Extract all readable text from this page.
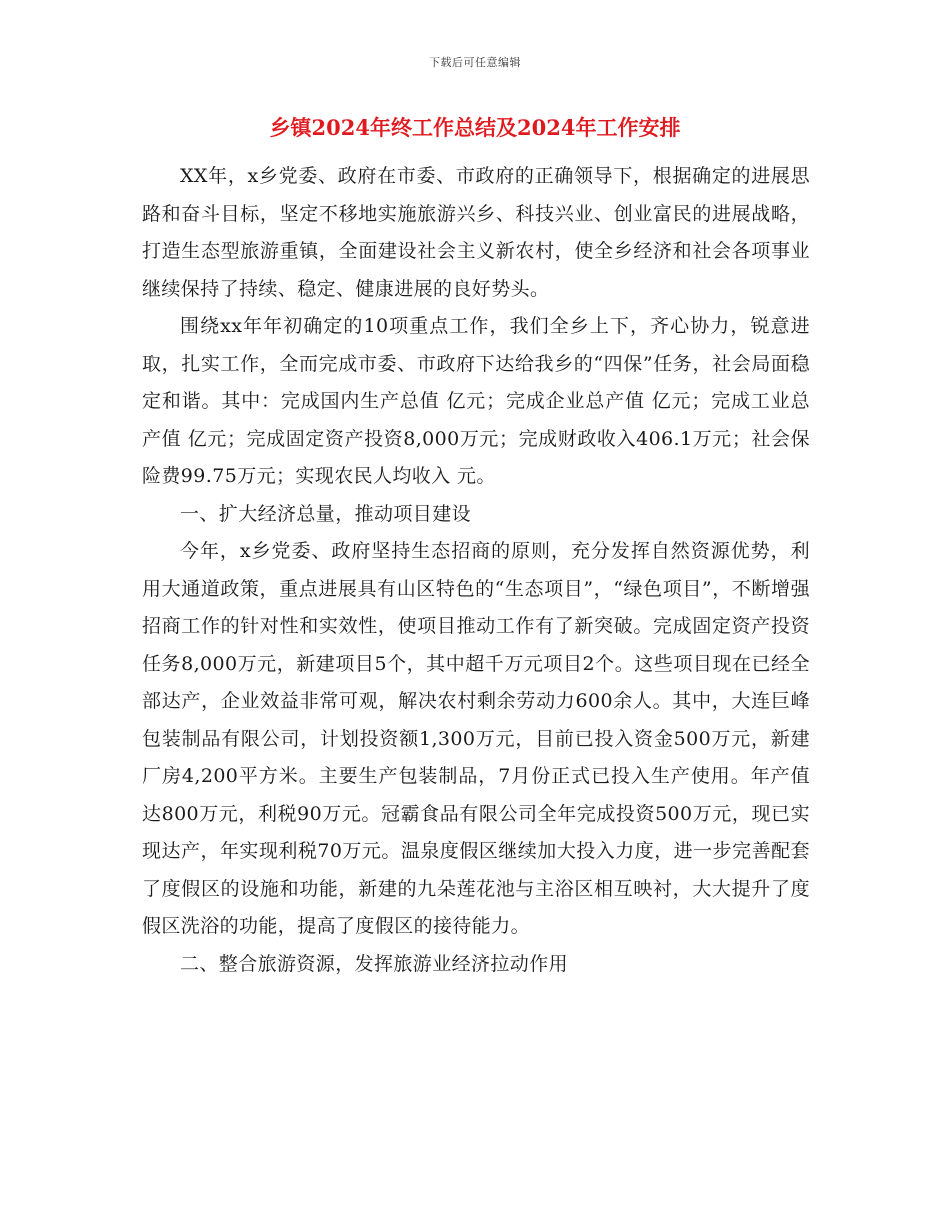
下载后可任意编辑
乡镇2024年终工作总结及2024年工作安排

XX年，x乡党委、政府在市委、市政府的正确领导下，根据确定的进展思路和奋斗目标，坚定不移地实施旅游兴乡、科技兴业、创业富民的进展战略，打造生态型旅游重镇，全面建设社会主义新农村，使全乡经济和社会各项事业继续保持了持续、稳定、健康进展的良好势头。

围绕xx年年初确定的10项重点工作，我们全乡上下，齐心协力，锐意进取，扎实工作，全而完成市委、市政府下达给我乡的“四保”任务，社会局面稳定和谐。其中：完成国内生产总值 亿元；完成企业总产值 亿元；完成工业总产值 亿元；完成固定资产投资8,000万元；完成财政收入406.1万元；社会保险费99.75万元；实现农民人均收入 元。

一、扩大经济总量，推动项目建设

今年，x乡党委、政府坚持生态招商的原则，充分发挥自然资源优势，利用大通道政策，重点进展具有山区特色的“生态项目”，“绿色项目”，不断增强招商工作的针对性和实效性，使项目推动工作有了新突破。完成固定资产投资任务8,000万元，新建项目5个，其中超千万元项目2个。这些项目现在已经全部达产，企业效益非常可观，解决农村剩余劳动力600余人。其中，大连巨峰包装制品有限公司，计划投资额1,300万元，目前已投入资金500万元，新建厂房4,200平方米。主要生产包装制品，7月份正式已投入生产使用。年产值达800万元，利税90万元。冠霸食品有限公司全年完成投资500万元，现已实现达产，年实现利税70万元。温泉度假区继续加大投入力度，进一步完善配套了度假区的设施和功能，新建的九朵莲花池与主浴区相互映衬，大大提升了度假区洗浴的功能，提高了度假区的接待能力。

二、整合旅游资源，发挥旅游业经济拉动作用
